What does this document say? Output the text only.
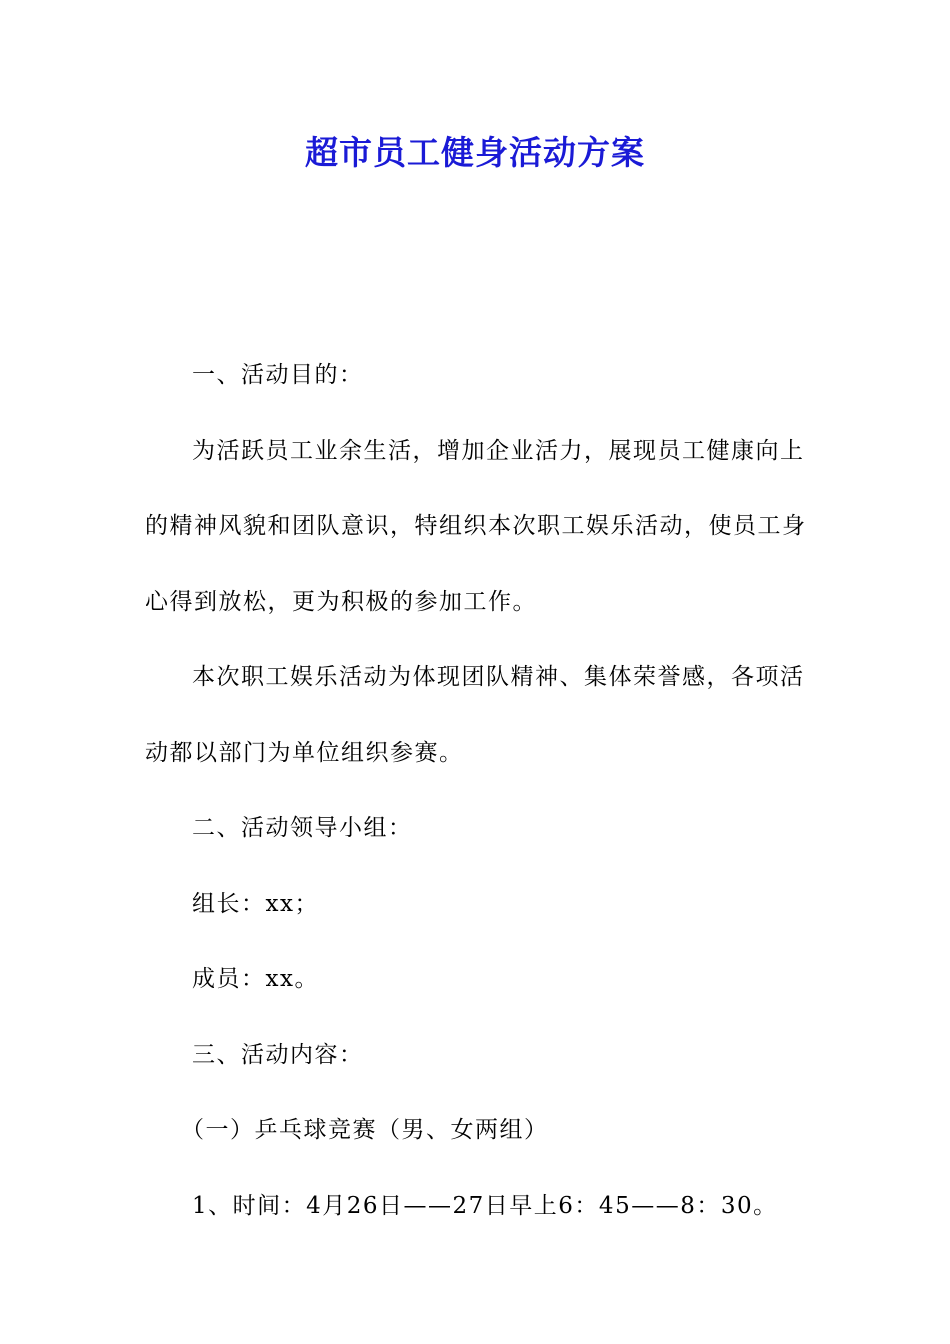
超市员工健身活动方案

一、活动目的：

为活跃员工业余生活，增加企业活力，展现员工健康向上
的精神风貌和团队意识，特组织本次职工娱乐活动，使员工身
心得到放松，更为积极的参加工作。

本次职工娱乐活动为体现团队精神、集体荣誉感，各项活
动都以部门为单位组织参赛。

二、活动领导小组：

组长：xx；

成员：xx。

三、活动内容：

（一）乒乓球竞赛（男、女两组）

1、时间：4月26日——27日早上6：45——8：30。
